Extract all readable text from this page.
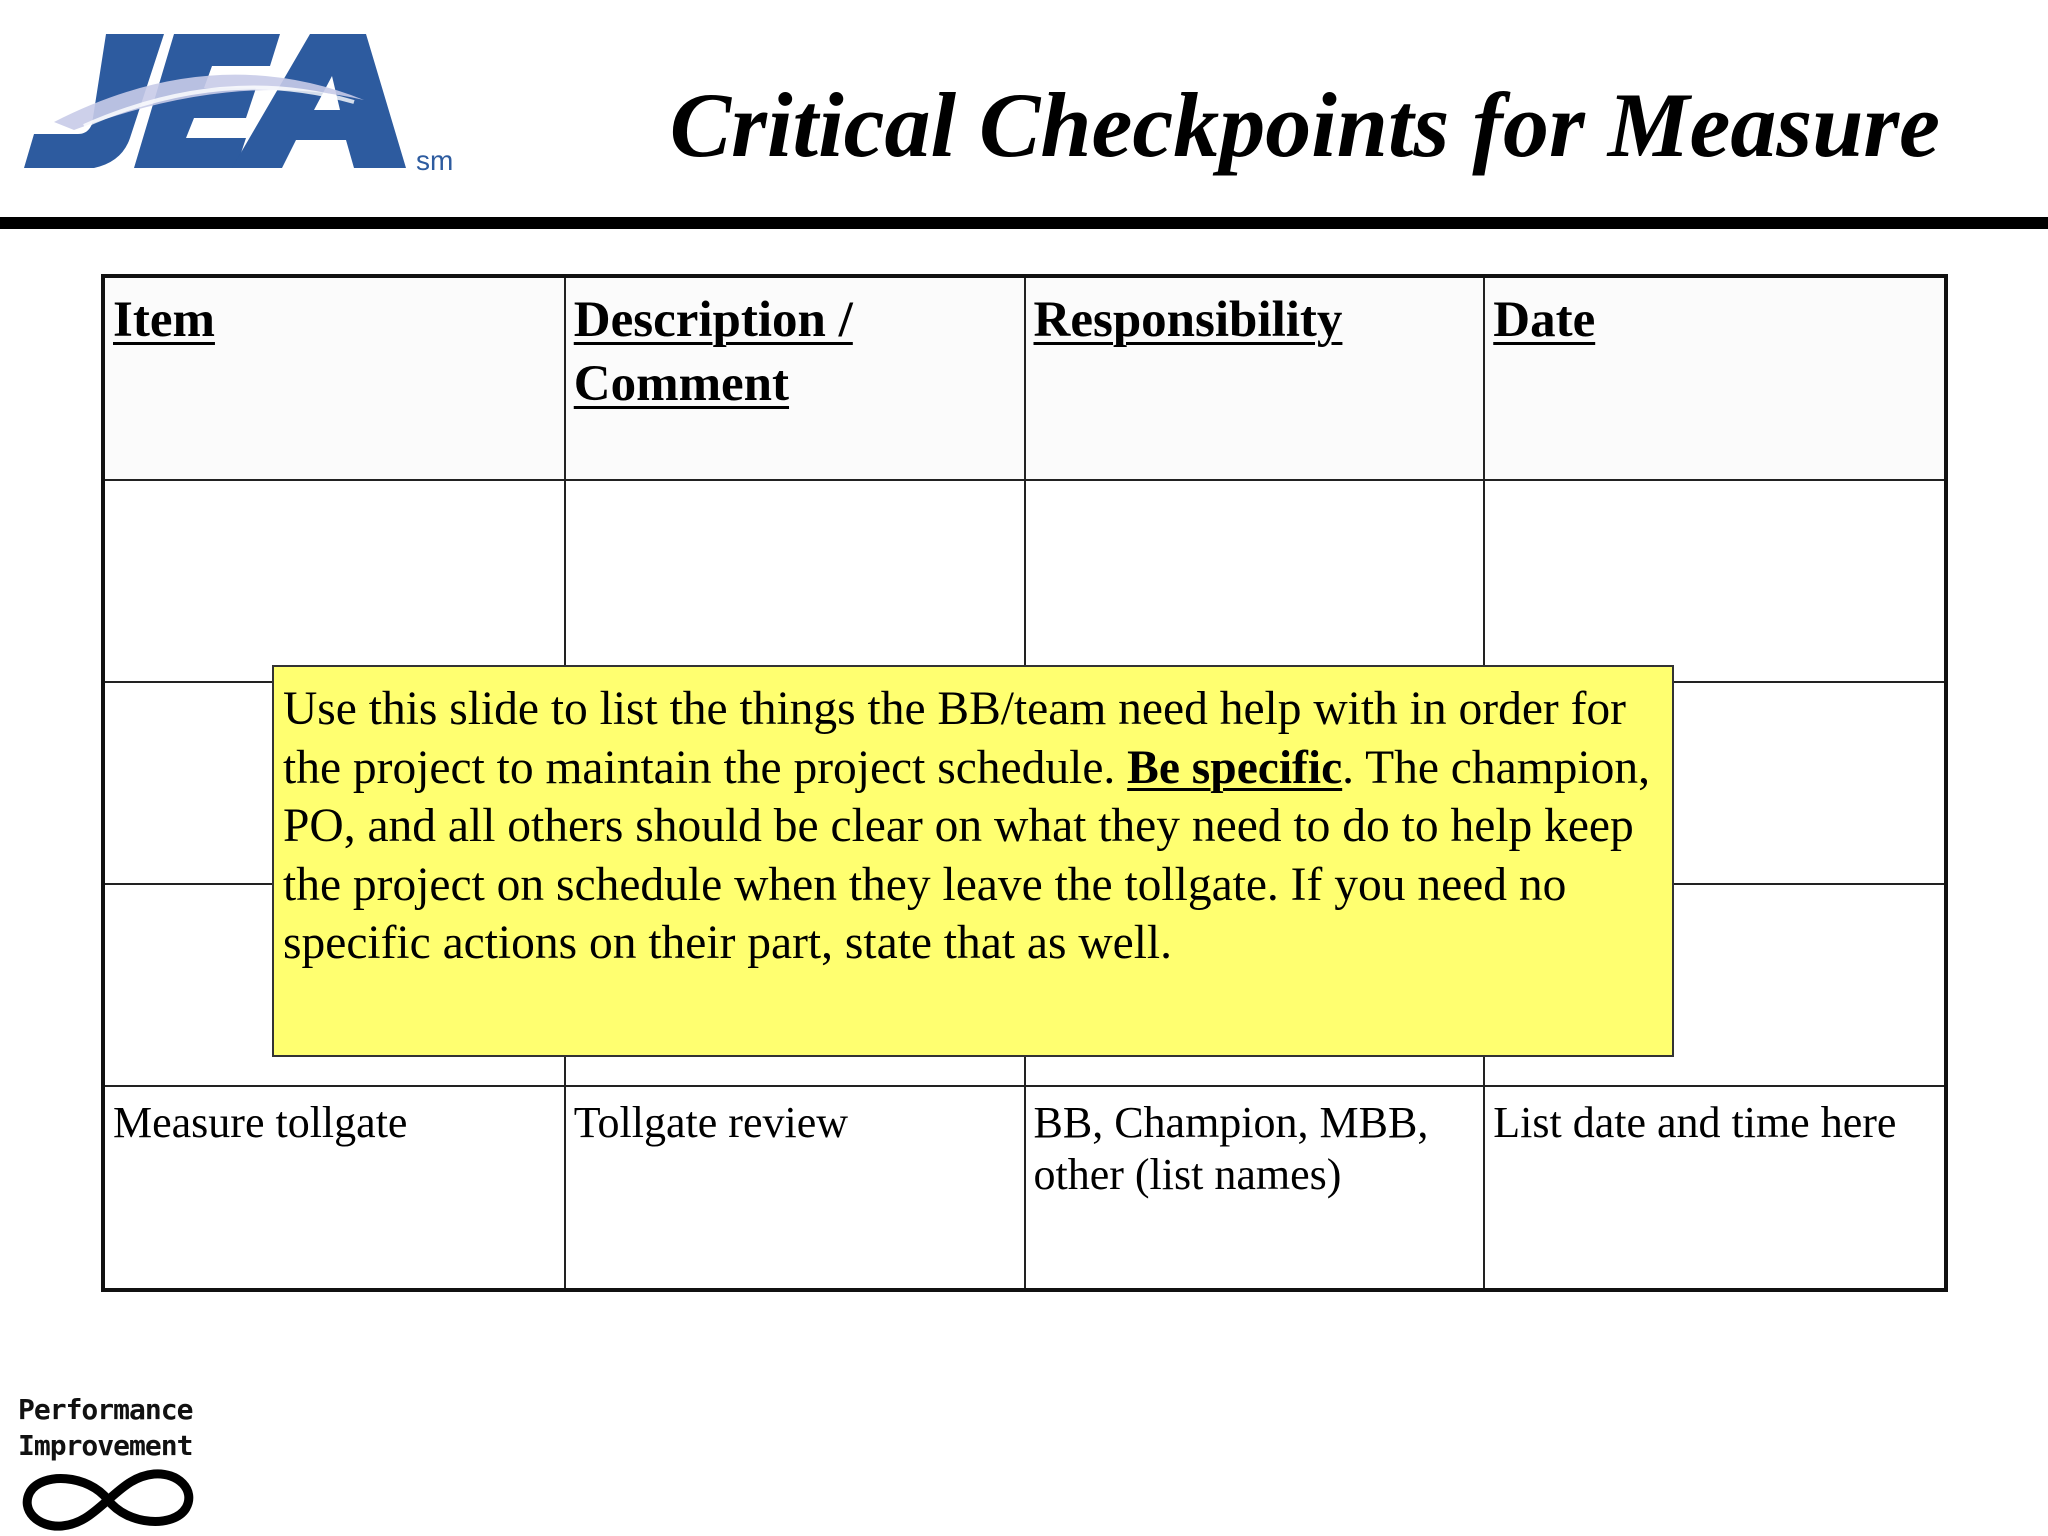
sm	Critical Checkpoints for Measure
Item	Description / Comment	Responsibility	Date

Measure tollgate	Tollgate review	BB, Champion, MBB, other (list names)	List date and time here
Use this slide to list the things the BB/team need help with in order for the project to maintain the project schedule. Be specific. The champion, PO, and all others should be clear on what they need to do to help keep the project on schedule when they leave the tollgate. If you need no specific actions on their part, state that as well.
Performance
Improvement
